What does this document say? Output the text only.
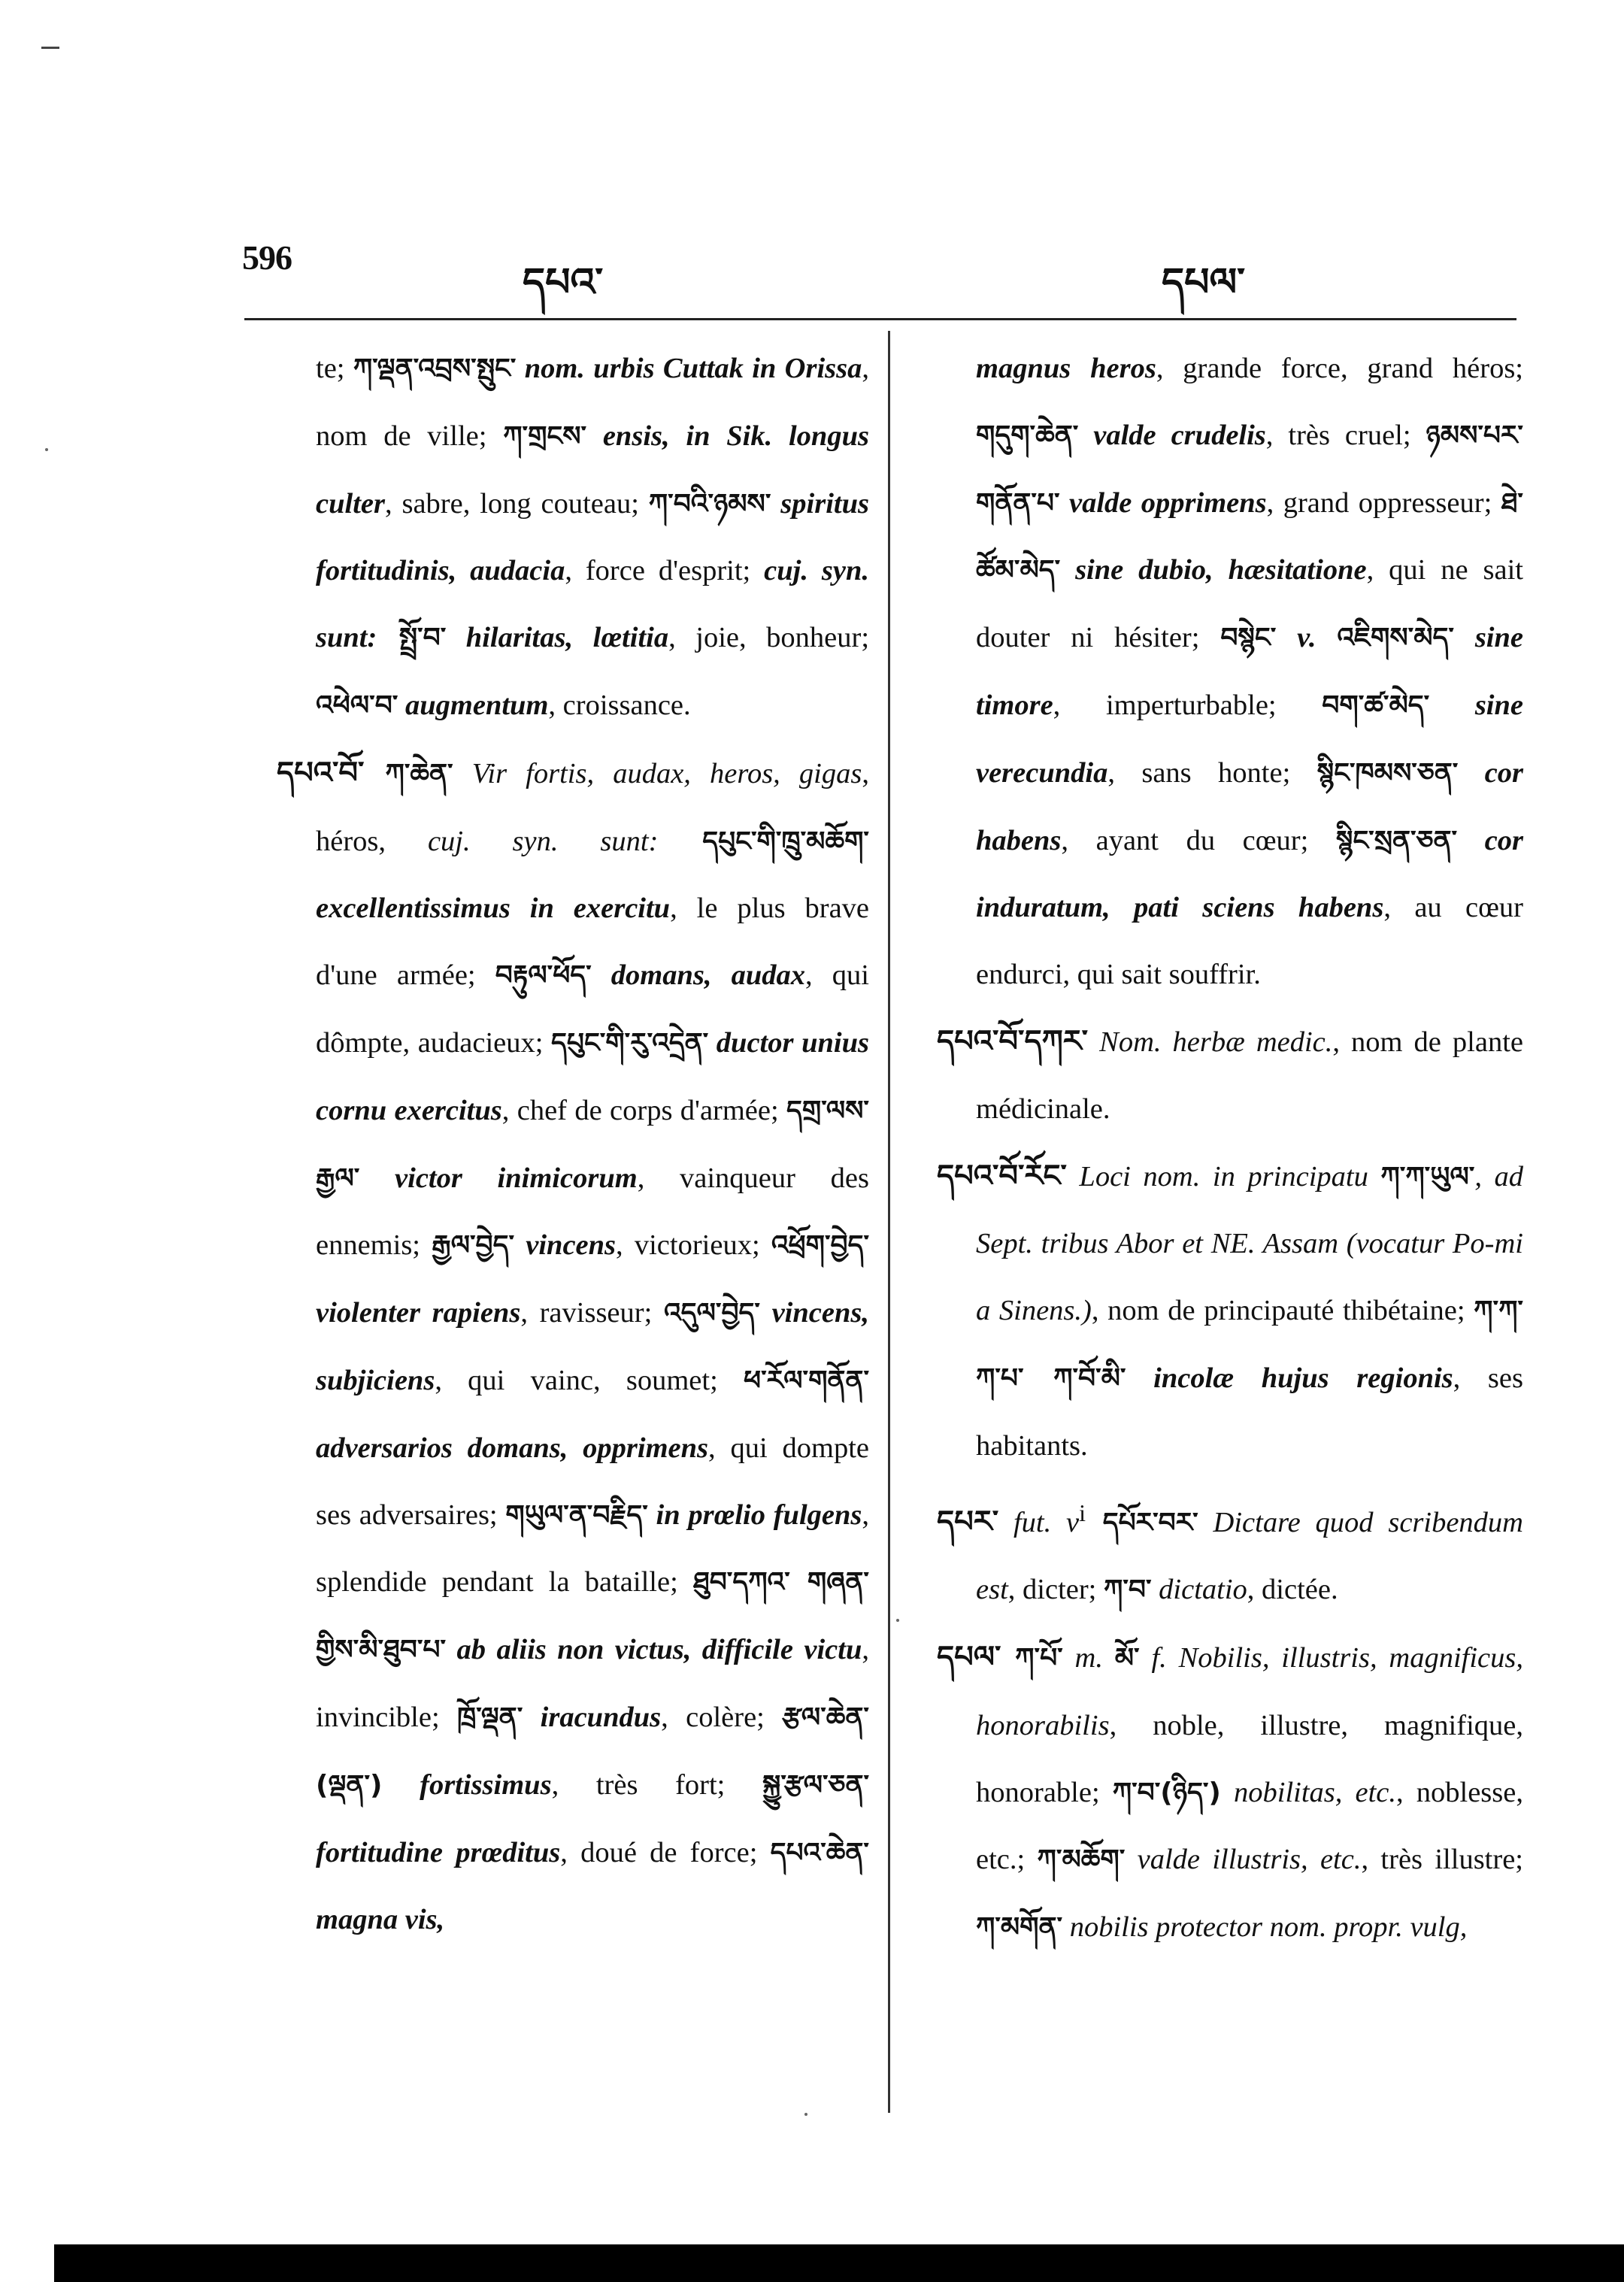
596
དཔའ་	དཔལ་

te; ཀ་ལྡན་འབྲས་སྤུང་ nom. urbis Cuttak in Orissa, nom de ville; ཀ་གྲངས་ ensis, in Sik. longus culter, sabre, long couteau; ཀ་བའི་ཉམས་ spiritus fortitudinis, audacia, force d'esprit; cuj. syn. sunt: སྤྲོ་བ་ hilaritas, lœtitia, joie, bonheur; འཕེལ་བ་ augmentum, croissance.

དཔའ་བོ་ ཀ་ཆེན་ Vir fortis, audax, heros, gigas, héros, cuj. syn. sunt: དཔུང་གི་ཁྲུ་མཆོག་ excellentissimus in exercitu, le plus brave d'une armée; བརྟུལ་ཕོད་ domans, audax, qui dômpte, audacieux; དཔུང་གི་རུ་འདྲེན་ ductor unius cornu exercitus, chef de corps d'armée; དགྲ་ལས་རྒྱལ་ victor inimicorum, vainqueur des ennemis; རྒྱལ་བྱེད་ vincens, victorieux; འཕྲོག་བྱེད་ violenter rapiens, ravisseur; འདུལ་བྱེད་ vincens, subjiciens, qui vainc, soumet; ཕ་རོལ་གནོན་ adversarios domans, opprimens, qui dompte ses adversaires; གཡུལ་ན་བརྗིད་ in prœlio fulgens, splendide pendant la bataille; ཐུབ་དཀའ་ གཞན་གྱིས་མི་ཐུབ་པ་ ab aliis non victus, difficile victu, invincible; ཁྲོ་ལྡན་ iracundus, colère; རྩལ་ཆེན་(ལྡན་) fortissimus, très fort; སྐྱུ་རྩལ་ཅན་ fortitudine prœditus, doué de force; དཔའ་ཆེན་ magna vis,

magnus heros, grande force, grand héros; གདུག་ཆེན་ valde crudelis, très cruel; ཉམས་པར་གནོན་པ་ valde opprimens, grand oppresseur; ཐེ་ཚོམ་མེད་ sine dubio, hæsitatione, qui ne sait douter ni hésiter; བསྙེང་ v. འཇིགས་མེད་ sine timore, imperturbable; བག་ཚ་མེད་ sine verecundia, sans honte; སྙིང་ཁམས་ཅན་ cor habens, ayant du cœur; སྙིང་སྲན་ཅན་ cor induratum, pati sciens habens, au cœur endurci, qui sait souffrir.

དཔའ་བོ་དཀར་ Nom. herbæ medic., nom de plante médicinale.

དཔའ་བོ་རོང་ Loci nom. in principatu ཀ་ཀ་ཡུལ་, ad Sept. tribus Abor et NE. Assam (vocatur Po-mi a Sinens.), nom de principauté thibétaine; ཀ་ཀ་ཀ་པ་ ཀ་བོ་མི་ incolæ hujus regionis, ses habitants.

དཔར་ fut. $v^i$ དཔོར་བར་ Dictare quod scribendum est, dicter; ཀ་བ་ dictatio, dictée.

དཔལ་ ཀ་པོ་ m. མོ་ f. Nobilis, illustris, magnificus, honorabilis, noble, illustre, magnifique, honorable; ཀ་བ་(ཉིད་) nobilitas, etc., noblesse, etc.; ཀ་མཆོག་ valde illustris, etc., très illustre; ཀ་མགོན་ nobilis protector nom. propr. vulg,
